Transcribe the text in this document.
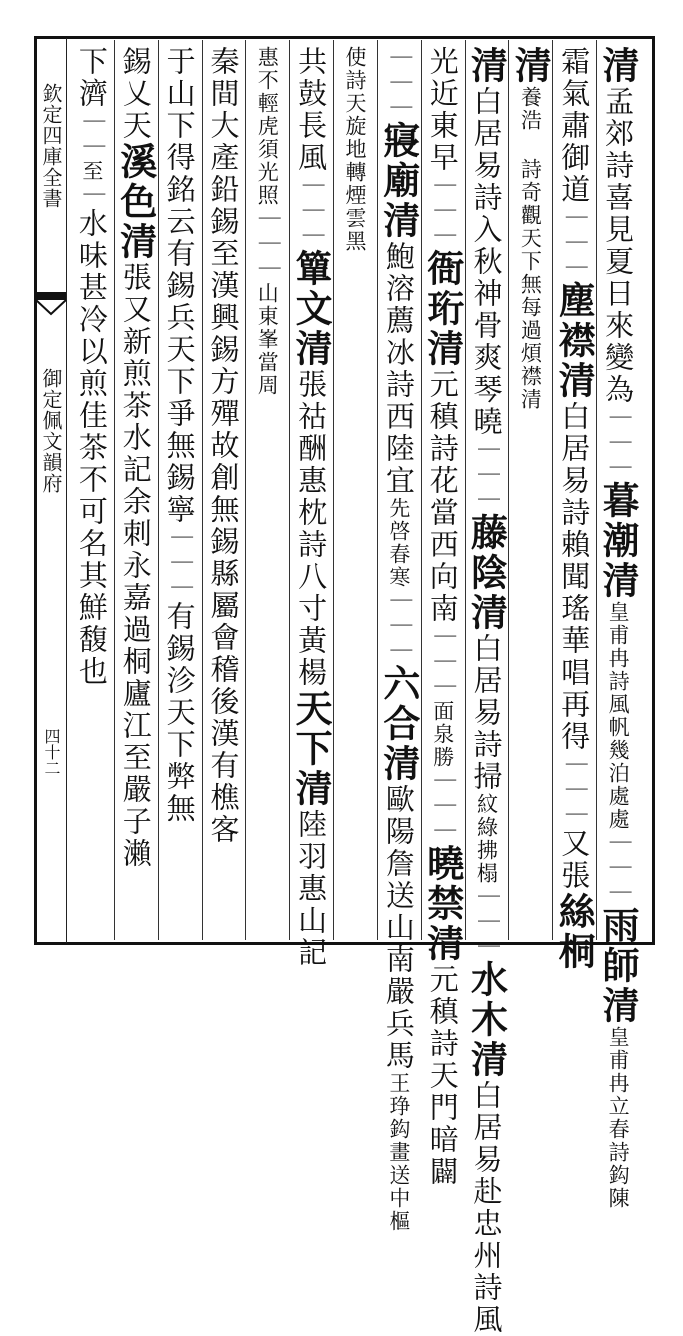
欽定四庫全書
御定佩文韻府
四十二
清孟郊詩喜見夏日來變為｜｜｜暮潮清皇甫冉詩風帆幾泊處處｜｜｜雨師清皇甫冉立春詩鈎陳
霜氣肅御道｜｜｜塵襟清白居易詩賴聞瑤華唱再得｜｜｜又張絲桐
清養浩 詩奇觀天下無每過煩襟清
清白居易詩入秋神骨爽琴曉｜｜｜藤陰清白居易詩掃紋綠拂榻｜｜｜水木清白居易赴忠州詩風
光近東早｜｜｜衙珩清元稹詩花當西向南｜｜｜面泉勝｜｜｜曉禁清元稹詩天門暗闢
｜｜｜寢廟清鮑溶薦冰詩西陸宜先啓春寒｜｜｜六合清歐陽詹送山南嚴兵馬王琤鈎畫送中樞
使詩天旋地轉煙雲黑
共鼓長風｜｜｜簞文清張祜酬惠枕詩八寸黃楊天下清陸羽惠山記
惠不輕虎須光照｜｜｜山東峯當周
秦間大產鉛錫至漢興錫方殫故創無錫縣屬會稽後漢有樵客
于山下得銘云有錫兵天下爭無錫寧｜｜｜有錫沴天下弊無
錫乂天溪色清張又新煎茶水記余刺永嘉過桐廬江至嚴子瀨
下濟｜｜至｜水味甚冷以煎佳茶不可名其鮮馥也
